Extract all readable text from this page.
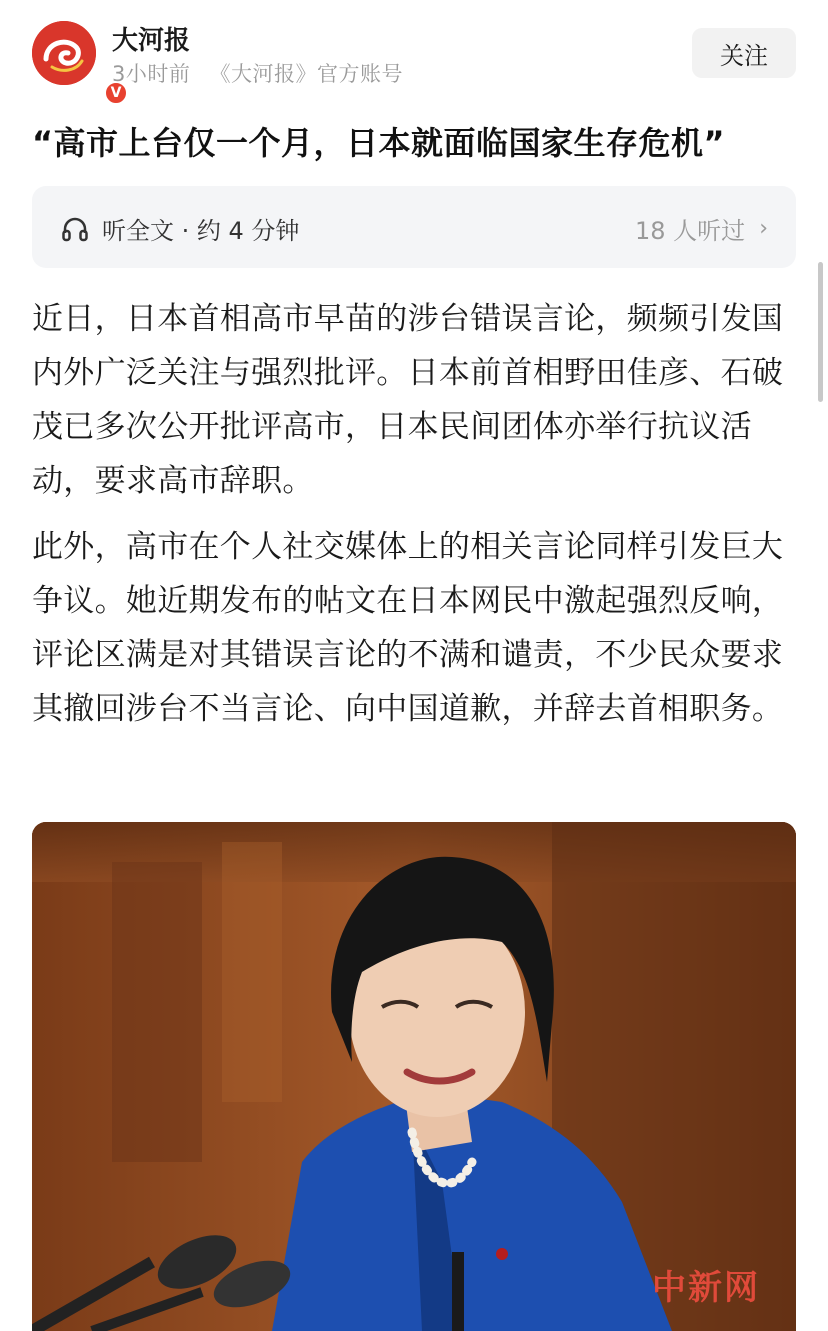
V
大河报
3小时前 《大河报》官方账号
关注
“高市上台仅一个月，日本就面临国家生存危机”
听全文 · 约 4 分钟	18 人听过 ›
近日，日本首相高市早苗的涉台错误言论，频频引发国内外广泛关注与强烈批评。日本前首相野田佳彦、石破茂已多次公开批评高市，日本民间团体亦举行抗议活动，要求高市辞职。
此外，高市在个人社交媒体上的相关言论同样引发巨大争议。她近期发布的帖文在日本网民中激起强烈反响，评论区满是对其错误言论的不满和谴责，不少民众要求其撤回涉台不当言论、向中国道歉，并辞去首相职务。
中新网
